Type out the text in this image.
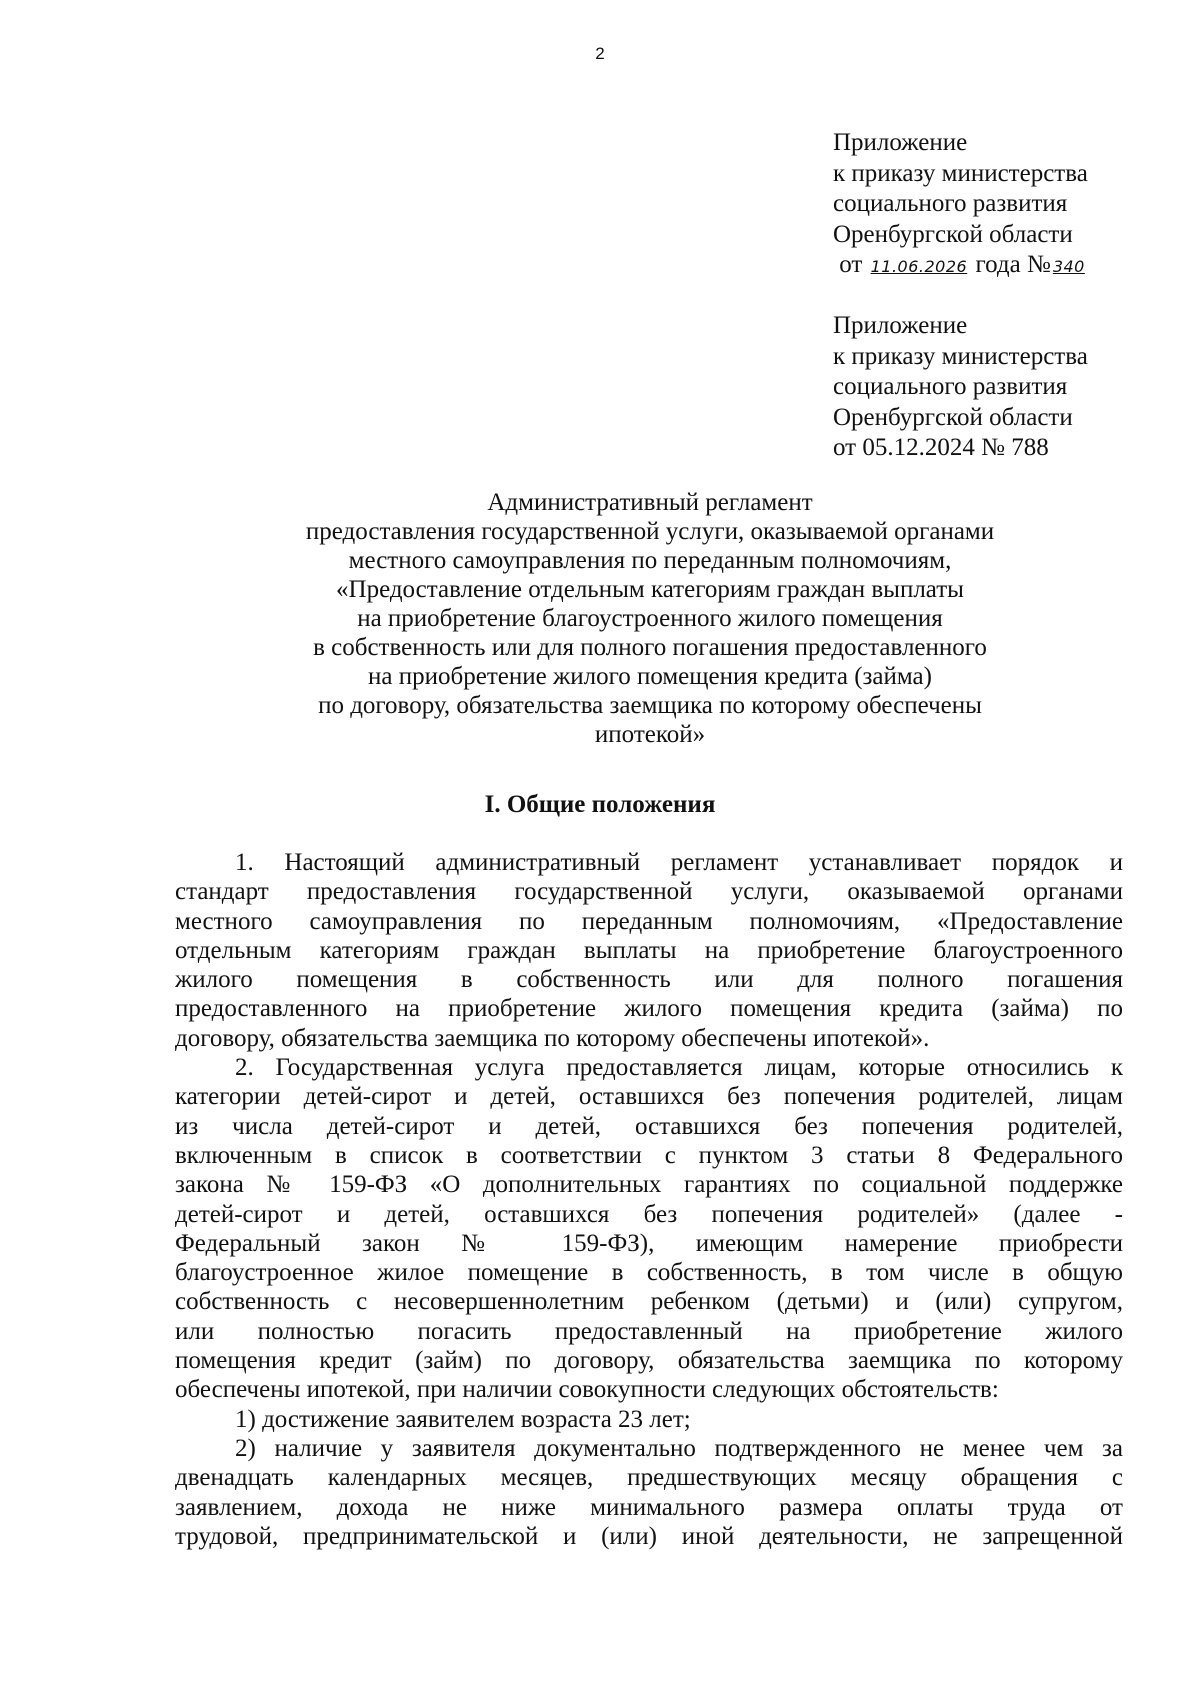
2
Приложение
к приказу министерства
социального развития
Оренбургской области
от 11.06.2026 года № 340
Приложение
к приказу министерства
социального развития
Оренбургской области
от 05.12.2024 № 788
Административный регламент
предоставления государственной услуги, оказываемой органами
местного самоуправления по переданным полномочиям,
«Предоставление отдельным категориям граждан выплаты
на приобретение благоустроенного жилого помещения
в собственность или для полного погашения предоставленного
на приобретение жилого помещения кредита (займа)
по договору, обязательства заемщика по которому обеспечены
ипотекой»
I. Общие положения
1. Настоящий административный регламент устанавливает порядок и
стандарт предоставления государственной услуги, оказываемой органами
местного самоуправления по переданным полномочиям, «Предоставление
отдельным категориям граждан выплаты на приобретение благоустроенного
жилого помещения в собственность или для полного погашения
предоставленного на приобретение жилого помещения кредита (займа) по
договору, обязательства заемщика по которому обеспечены ипотекой».
2. Государственная услуга предоставляется лицам, которые относились к
категории детей-сирот и детей, оставшихся без попечения родителей, лицам
из числа детей-сирот и детей, оставшихся без попечения родителей,
включенным в список в соответствии с пунктом 3 статьи 8 Федерального
закона № 159-ФЗ «О дополнительных гарантиях по социальной поддержке
детей-сирот и детей, оставшихся без попечения родителей» (далее -
Федеральный закон № 159-ФЗ), имеющим намерение приобрести
благоустроенное жилое помещение в собственность, в том числе в общую
собственность с несовершеннолетним ребенком (детьми) и (или) супругом,
или полностью погасить предоставленный на приобретение жилого
помещения кредит (займ) по договору, обязательства заемщика по которому
обеспечены ипотекой, при наличии совокупности следующих обстоятельств:
1) достижение заявителем возраста 23 лет;
2) наличие у заявителя документально подтвержденного не менее чем за
двенадцать календарных месяцев, предшествующих месяцу обращения с
заявлением, дохода не ниже минимального размера оплаты труда от
трудовой, предпринимательской и (или) иной деятельности, не запрещенной
